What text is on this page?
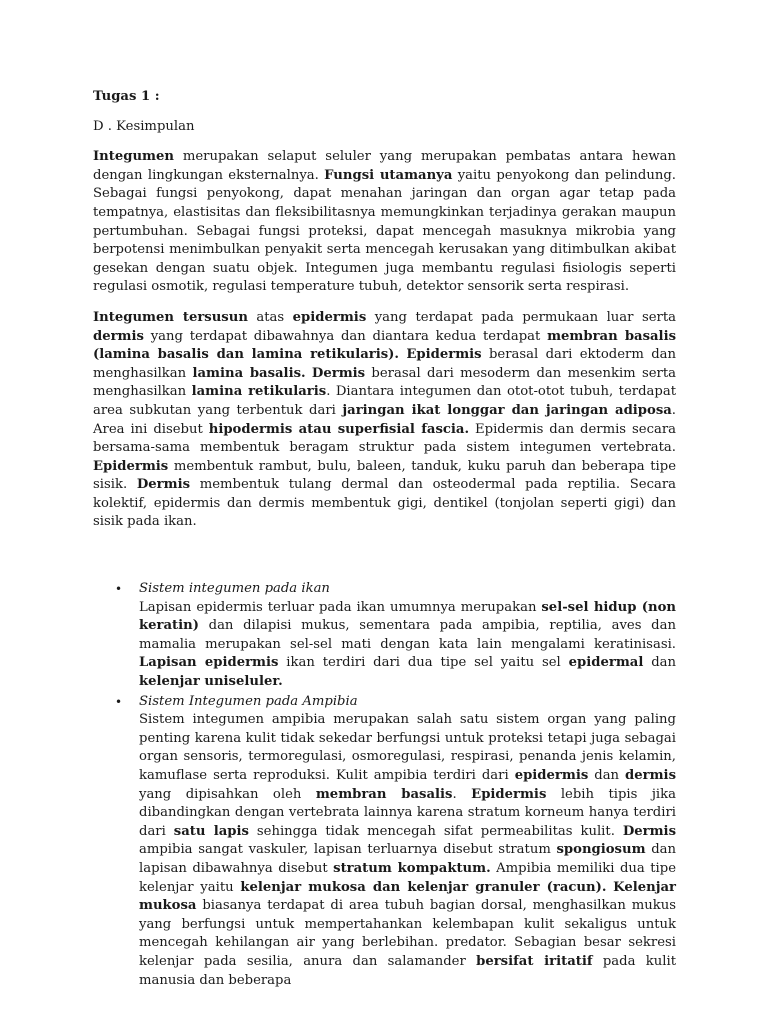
Tugas 1 :

D . Kesimpulan

Integumen merupakan selaput seluler yang merupakan pembatas antara hewan dengan lingkungan eksternalnya. Fungsi utamanya yaitu penyokong dan pelindung. Sebagai fungsi penyokong, dapat menahan jaringan dan organ agar tetap pada tempatnya, elastisitas dan fleksibilitasnya memungkinkan terjadinya gerakan maupun pertumbuhan. Sebagai fungsi proteksi, dapat mencegah masuknya mikrobia yang berpotensi menimbulkan penyakit serta mencegah kerusakan yang ditimbulkan akibat gesekan dengan suatu objek. Integumen juga membantu regulasi fisiologis seperti regulasi osmotik, regulasi temperature tubuh, detektor sensorik serta respirasi.

Integumen tersusun atas epidermis yang terdapat pada permukaan luar serta dermis yang terdapat dibawahnya dan diantara kedua terdapat membran basalis (lamina basalis dan lamina retikularis). Epidermis berasal dari ektoderm dan menghasilkan lamina basalis. Dermis berasal dari mesoderm dan mesenkim serta menghasilkan lamina retikularis. Diantara integumen dan otot-otot tubuh, terdapat area subkutan yang terbentuk dari jaringan ikat longgar dan jaringan adiposa. Area ini disebut hipodermis atau superfisial fascia. Epidermis dan dermis secara bersama-sama membentuk beragam struktur pada sistem integumen vertebrata. Epidermis membentuk rambut, bulu, baleen, tanduk, kuku paruh dan beberapa tipe sisik. Dermis membentuk tulang dermal dan osteodermal pada reptilia. Secara kolektif, epidermis dan dermis membentuk gigi, dentikel (tonjolan seperti gigi) dan sisik pada ikan.

• Sistem integumen pada ikan
Lapisan epidermis terluar pada ikan umumnya merupakan sel-sel hidup (non keratin) dan dilapisi mukus, sementara pada ampibia, reptilia, aves dan mamalia merupakan sel-sel mati dengan kata lain mengalami keratinisasi. Lapisan epidermis ikan terdiri dari dua tipe sel yaitu sel epidermal dan kelenjar uniseluler.
• Sistem Integumen pada Ampibia
Sistem integumen ampibia merupakan salah satu sistem organ yang paling penting karena kulit tidak sekedar berfungsi untuk proteksi tetapi juga sebagai organ sensoris, termoregulasi, osmoregulasi, respirasi, penanda jenis kelamin, kamuflase serta reproduksi. Kulit ampibia terdiri dari epidermis dan dermis yang dipisahkan oleh membran basalis. Epidermis lebih tipis jika dibandingkan dengan vertebrata lainnya karena stratum korneum hanya terdiri dari satu lapis sehingga tidak mencegah sifat permeabilitas kulit. Dermis ampibia sangat vaskuler, lapisan terluarnya disebut stratum spongiosum dan lapisan dibawahnya disebut stratum kompaktum. Ampibia memiliki dua tipe kelenjar yaitu kelenjar mukosa dan kelenjar granuler (racun). Kelenjar mukosa biasanya terdapat di area tubuh bagian dorsal, menghasilkan mukus yang berfungsi untuk mempertahankan kelembapan kulit sekaligus untuk mencegah kehilangan air yang berlebihan. predator. Sebagian besar sekresi kelenjar pada sesilia, anura dan salamander bersifat iritatif pada kulit manusia dan beberapa
